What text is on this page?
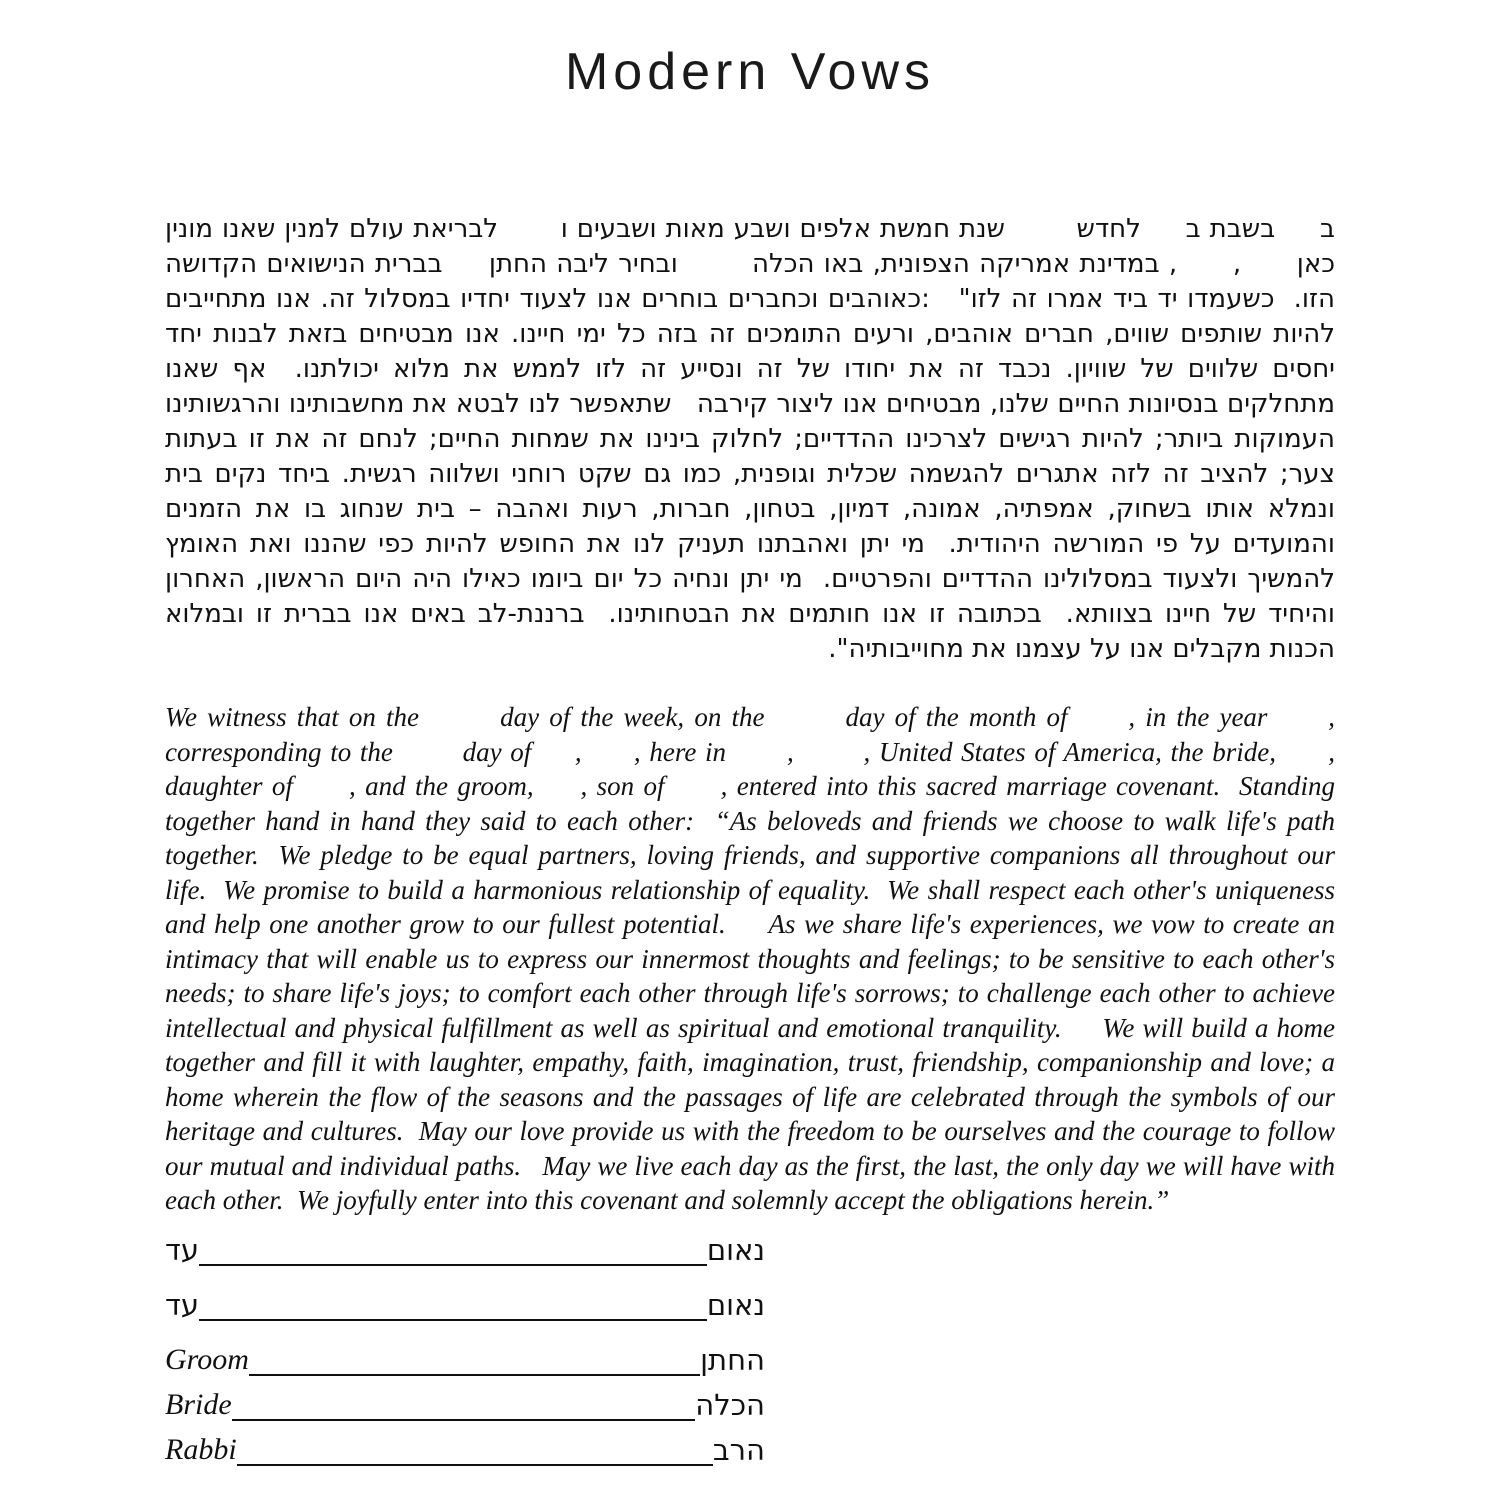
Modern Vows
ב     בשבת ב     לחדש        שנת חמשת אלפים ושבע מאות ושבעים ו       לבריאת עולם למנין שאנו מונין כאן      ,      , במדינת אמריקה הצפונית, באו הכלה        ובחיר ליבה החתן     בברית הנישואים הקדושה הזו.  כשעמדו יד ביד אמרו זה לזו"   :כאוהבים וכחברים בוחרים אנו לצעוד יחדיו במסלול זה. אנו מתחייבים להיות שותפים שווים, חברים אוהבים, ורעים התומכים זה בזה כל ימי חיינו. אנו מבטיחים בזאת לבנות יחד יחסים שלווים של שוויון. נכבד זה את יחודו של זה ונסייע זה לזו לממש את מלוא יכולתנו.  אף שאנו מתחלקים בנסיונות החיים שלנו, מבטיחים אנו ליצור קירבה   שתאפשר לנו לבטא את מחשבותינו והרגשותינו העמוקות ביותר; להיות רגישים לצרכינו ההדדיים; לחלוק בינינו את שמחות החיים; לנחם זה את זו בעתות צער; להציב זה לזה אתגרים להגשמה שכלית וגופנית, כמו גם שקט רוחני ושלווה רגשית. ביחד נקים בית ונמלא אותו בשחוק, אמפתיה, אמונה, דמיון, בטחון, חברות, רעות ואהבה – בית שנחוג בו את הזמנים והמועדים על פי המורשה היהודית.  מי יתן ואהבתנו תעניק לנו את החופש להיות כפי שהננו ואת האומץ להמשיך ולצעוד במסלולינו ההדדיים והפרטיים.  מי יתן ונחיה כל יום ביומו כאילו היה היום הראשון, האחרון והיחיד של חיינו בצוותא.  בכתובה זו אנו חותמים את הבטחותינו.  ברננת-לב באים אנו בברית זו ובמלוא הכנות מקבלים אנו על עצמנו את מחוייבותיה".
We witness that on the        day of the week, on the        day of the month of      , in the year      , corresponding to the        day of     ,      , here in       ,        , United States of America, the bride,      , daughter of      , and the groom,     , son of      , entered into this sacred marriage covenant.  Standing together hand in hand they said to each other:  “As beloveds and friends we choose to walk life's path together.  We pledge to be equal partners, loving friends, and supportive companions all throughout our life.  We promise to build a harmonious relationship of equality.  We shall respect each other's uniqueness and help one another grow to our fullest potential.     As we share life's experiences, we vow to create an intimacy that will enable us to express our innermost thoughts and feelings; to be sensitive to each other's needs; to share life's joys; to comfort each other through life's sorrows; to challenge each other to achieve intellectual and physical fulfillment as well as spiritual and emotional tranquility.     We will build a home together and fill it with laughter, empathy, faith, imagination, trust, friendship, companionship and love; a home wherein the flow of the seasons and the passages of life are celebrated through the symbols of our heritage and cultures.  May our love provide us with the freedom to be ourselves and the courage to follow our mutual and individual paths.   May we live each day as the first, the last, the only day we will have with each other.  We joyfully enter into this covenant and solemnly accept the obligations herein.”
עד	נאום
עד	נאום
Groom	החתן
Bride	הכלה
Rabbi	הרב
